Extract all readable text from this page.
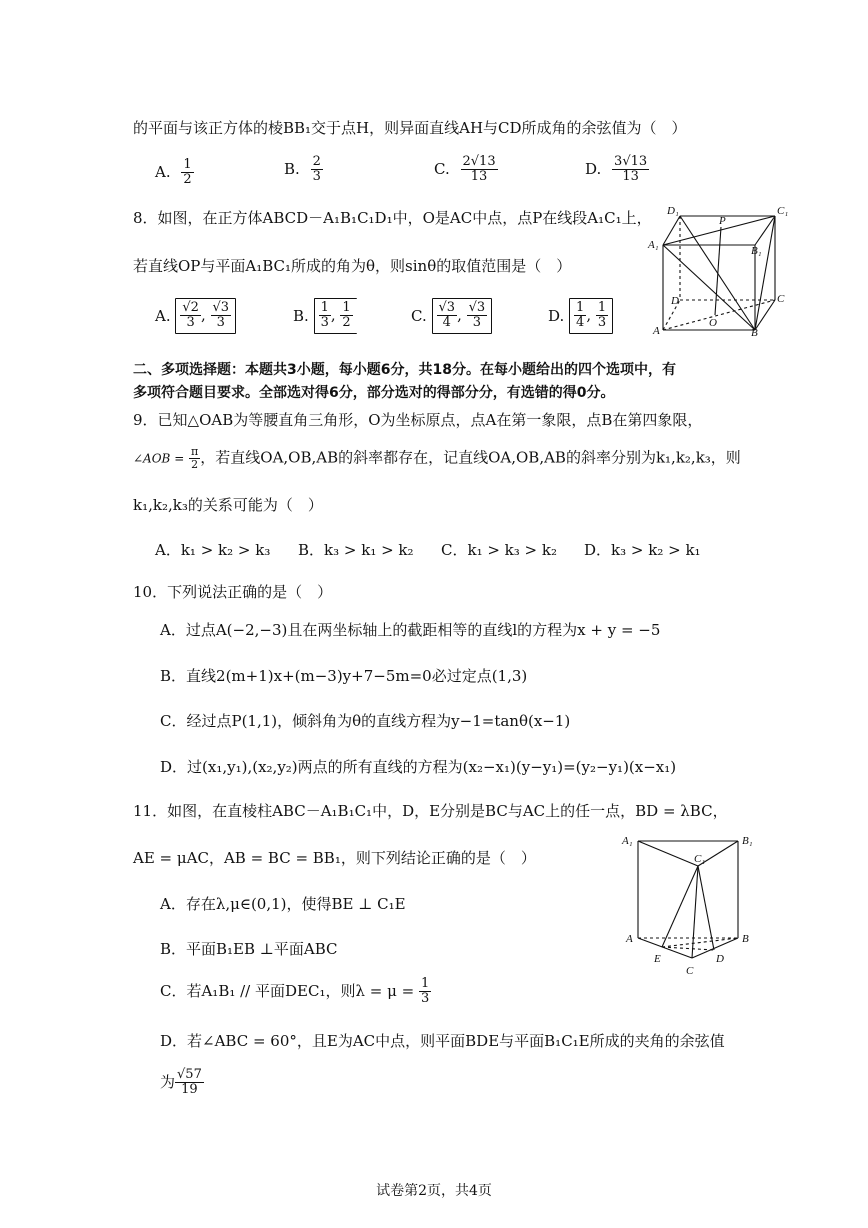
的平面与该正方体的棱BB₁交于点H，则异面直线AH与CD所成角的余弦值为（　）
A. $\frac{1}{2}$	B. $\frac{2}{3}$	C. $\frac{2√13}{13}$	D. $\frac{3√13}{13}$
8．如图，在正方体ABCD－A₁B₁C₁D₁中，O是AC中点，点P在线段A₁C₁上，
若直线OP与平面A₁BC₁所成的角为θ，则sinθ的取值范围是（　）
A. $\frac{√2}{3}$ , $\frac{√3}{3}$	B. $\frac{1}{3}$ , $\frac{1}{2}$	C. $\frac{√3}{4}$ , $\frac{√3}{3}$	D. $\frac{1}{4}$ , $\frac{1}{3}$
D₁
P
C₁
A₁	B₁
D	C
A
O
B
二、多项选择题：本题共3小题，每小题6分，共18分。在每小题给出的四个选项中，有
多项符合题目要求。全部选对得6分，部分选对的得部分分，有选错的得0分。
9．已知△OAB为等腰直角三角形，O为坐标原点，点A在第一象限，点B在第四象限，
∠AOB = $\frac{\pi}{2}$ ，若直线OA,OB,AB的斜率都存在，记直线OA,OB,AB的斜率分别为k₁,k₂,k₃，则
k₁,k₂,k₃的关系可能为（　）
A．k₁ > k₂ > k₃ B．k₃ > k₁ > k₂ C．k₁ > k₃ > k₂ D．k₃ > k₂ > k₁
10．下列说法正确的是（　）
A．过点A(−2,−3)且在两坐标轴上的截距相等的直线l的方程为x + y = −5
B．直线2(m+1)x+(m−3)y+7−5m=0必过定点(1,3)
C．经过点P(1,1)，倾斜角为θ的直线方程为y−1=tanθ(x−1)
D．过(x₁,y₁),(x₂,y₂)两点的所有直线的方程为(x₂−x₁)(y−y₁)=(y₂−y₁)(x−x₁)
11．如图，在直棱柱ABC－A₁B₁C₁中，D，E分别是BC与AC上的任一点，BD = λBC，
AE = μAC，AB = BC = BB₁，则下列结论正确的是（　）
A．存在λ,μ∈(0,1)，使得BE ⊥ C₁E
B．平面B₁EB ⊥平面ABC
C．若A₁B₁ // 平面DEC₁，则$\lambda = \mu = \frac{1}{3}$
D．若∠ABC = 60°，且E为AC中点，则平面BDE与平面B₁C₁E所成的夹角的余弦值
为 $\frac{√57}{19}$
A₁	B₁
C₁
A	B
E	D
C
试卷第2页，共4页
